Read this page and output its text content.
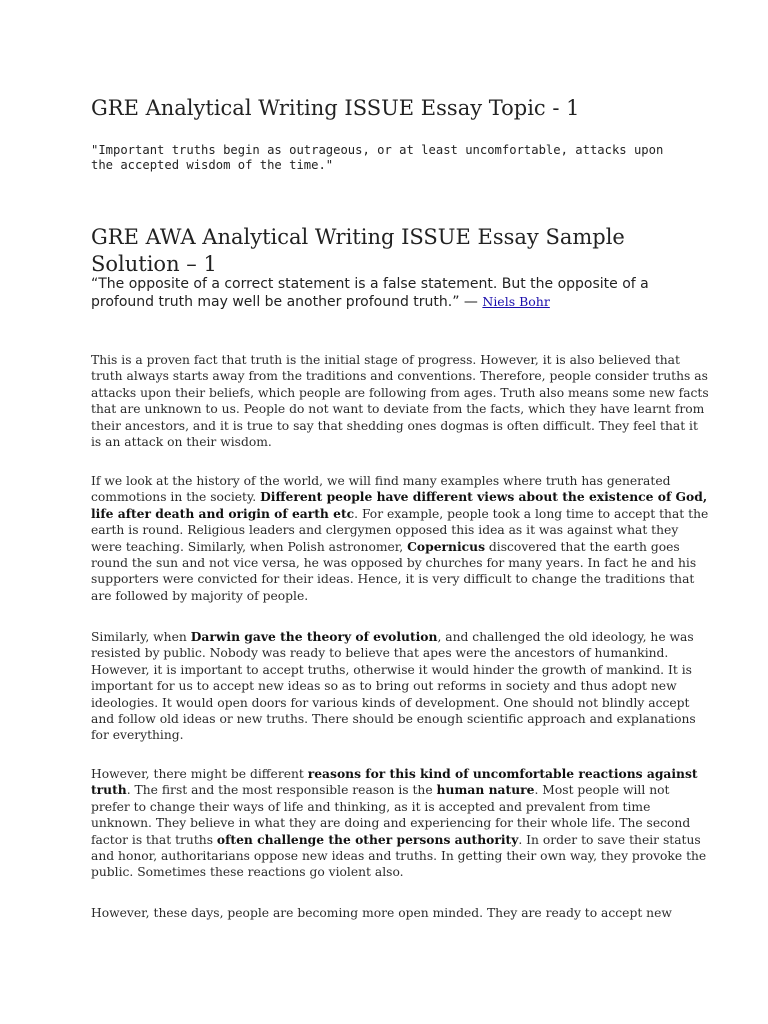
GRE Analytical Writing ISSUE Essay Topic - 1

"Important truths begin as outrageous, or at least uncomfortable, attacks upon the accepted wisdom of the time."

GRE AWA Analytical Writing ISSUE Essay Sample Solution – 1
“The opposite of a correct statement is a false statement. But the opposite of a profound truth may well be another profound truth.” — Niels Bohr

This is a proven fact that truth is the initial stage of progress. However, it is also believed that truth always starts away from the traditions and conventions. Therefore, people consider truths as attacks upon their beliefs, which people are following from ages. Truth also means some new facts that are unknown to us. People do not want to deviate from the facts, which they have learnt from their ancestors, and it is true to say that shedding ones dogmas is often difficult. They feel that it is an attack on their wisdom.

If we look at the history of the world, we will find many examples where truth has generated commotions in the society. Different people have different views about the existence of God, life after death and origin of earth etc. For example, people took a long time to accept that the earth is round. Religious leaders and clergymen opposed this idea as it was against what they were teaching. Similarly, when Polish astronomer, Copernicus discovered that the earth goes round the sun and not vice versa, he was opposed by churches for many years. In fact he and his supporters were convicted for their ideas. Hence, it is very difficult to change the traditions that are followed by majority of people.

Similarly, when Darwin gave the theory of evolution, and challenged the old ideology, he was resisted by public. Nobody was ready to believe that apes were the ancestors of humankind. However, it is important to accept truths, otherwise it would hinder the growth of mankind. It is important for us to accept new ideas so as to bring out reforms in society and thus adopt new ideologies. It would open doors for various kinds of development. One should not blindly accept and follow old ideas or new truths. There should be enough scientific approach and explanations for everything.

However, there might be different reasons for this kind of uncomfortable reactions against truth. The first and the most responsible reason is the human nature. Most people will not prefer to change their ways of life and thinking, as it is accepted and prevalent from time unknown. They believe in what they are doing and experiencing for their whole life. The second factor is that truths often challenge the other persons authority. In order to save their status and honor, authoritarians oppose new ideas and truths. In getting their own way, they provoke the public. Sometimes these reactions go violent also.

However, these days, people are becoming more open minded. They are ready to accept new
